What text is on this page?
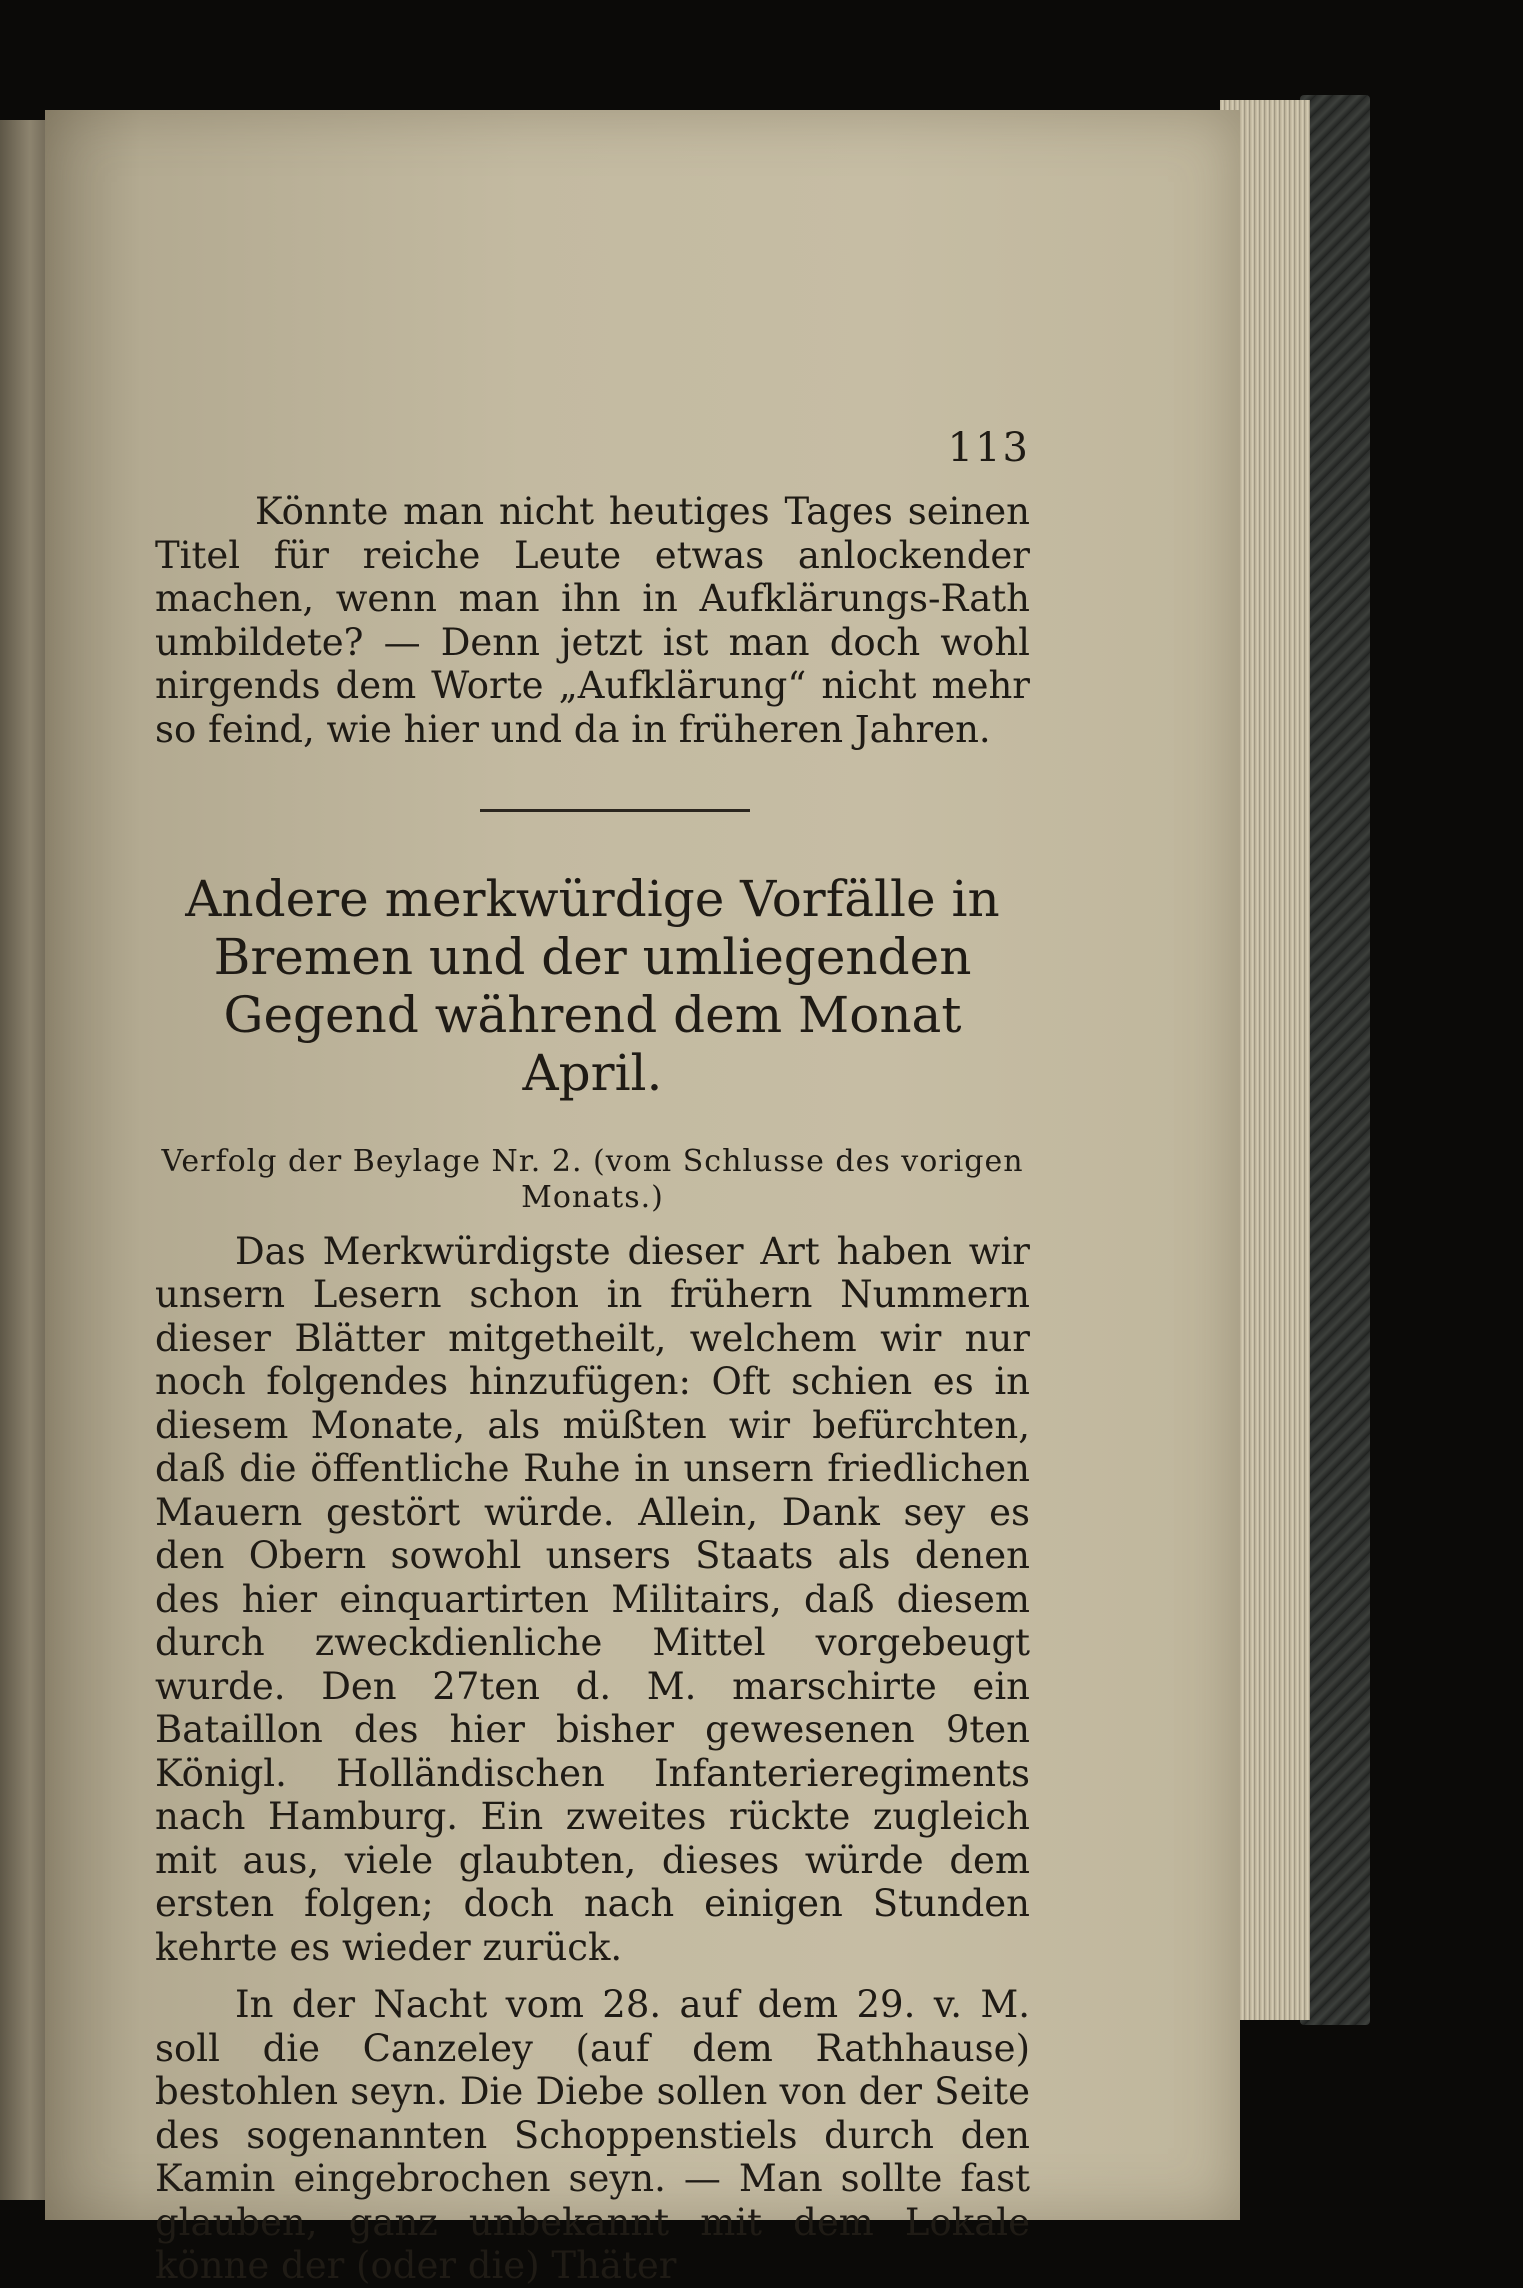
113

Könnte man nicht heutiges Tages seinen Titel für reiche Leute etwas anlockender machen, wenn man ihn in Aufklärungs-Rath umbildete? — Denn jetzt ist man doch wohl nirgends dem Worte „Aufklärung“ nicht mehr so feind, wie hier und da in früheren Jahren.

Andere merkwürdige Vorfälle in Bremen und der umliegenden Gegend während dem Monat April.

Verfolg der Beylage Nr. 2. (vom Schlusse des vorigen Monats.)

Das Merkwürdigste dieser Art haben wir unsern Lesern schon in frühern Nummern dieser Blätter mitgetheilt, welchem wir nur noch folgendes hinzufügen: Oft schien es in diesem Monate, als müßten wir befürchten, daß die öffentliche Ruhe in unsern friedlichen Mauern gestört würde. Allein, Dank sey es den Obern sowohl unsers Staats als denen des hier einquartirten Militairs, daß diesem durch zweckdienliche Mittel vorgebeugt wurde. Den 27ten d. M. marschirte ein Bataillon des hier bisher gewesenen 9ten Königl. Holländischen Infanterieregiments nach Hamburg. Ein zweites rückte zugleich mit aus, viele glaubten, dieses würde dem ersten folgen; doch nach einigen Stunden kehrte es wieder zurück.

In der Nacht vom 28. auf dem 29. v. M. soll die Canzeley (auf dem Rathhause) bestohlen seyn. Die Diebe sollen von der Seite des sogenannten Schoppenstiels durch den Kamin eingebrochen seyn. — Man sollte fast glauben, ganz unbekannt mit dem Lokale könne der (oder die) Thäter
